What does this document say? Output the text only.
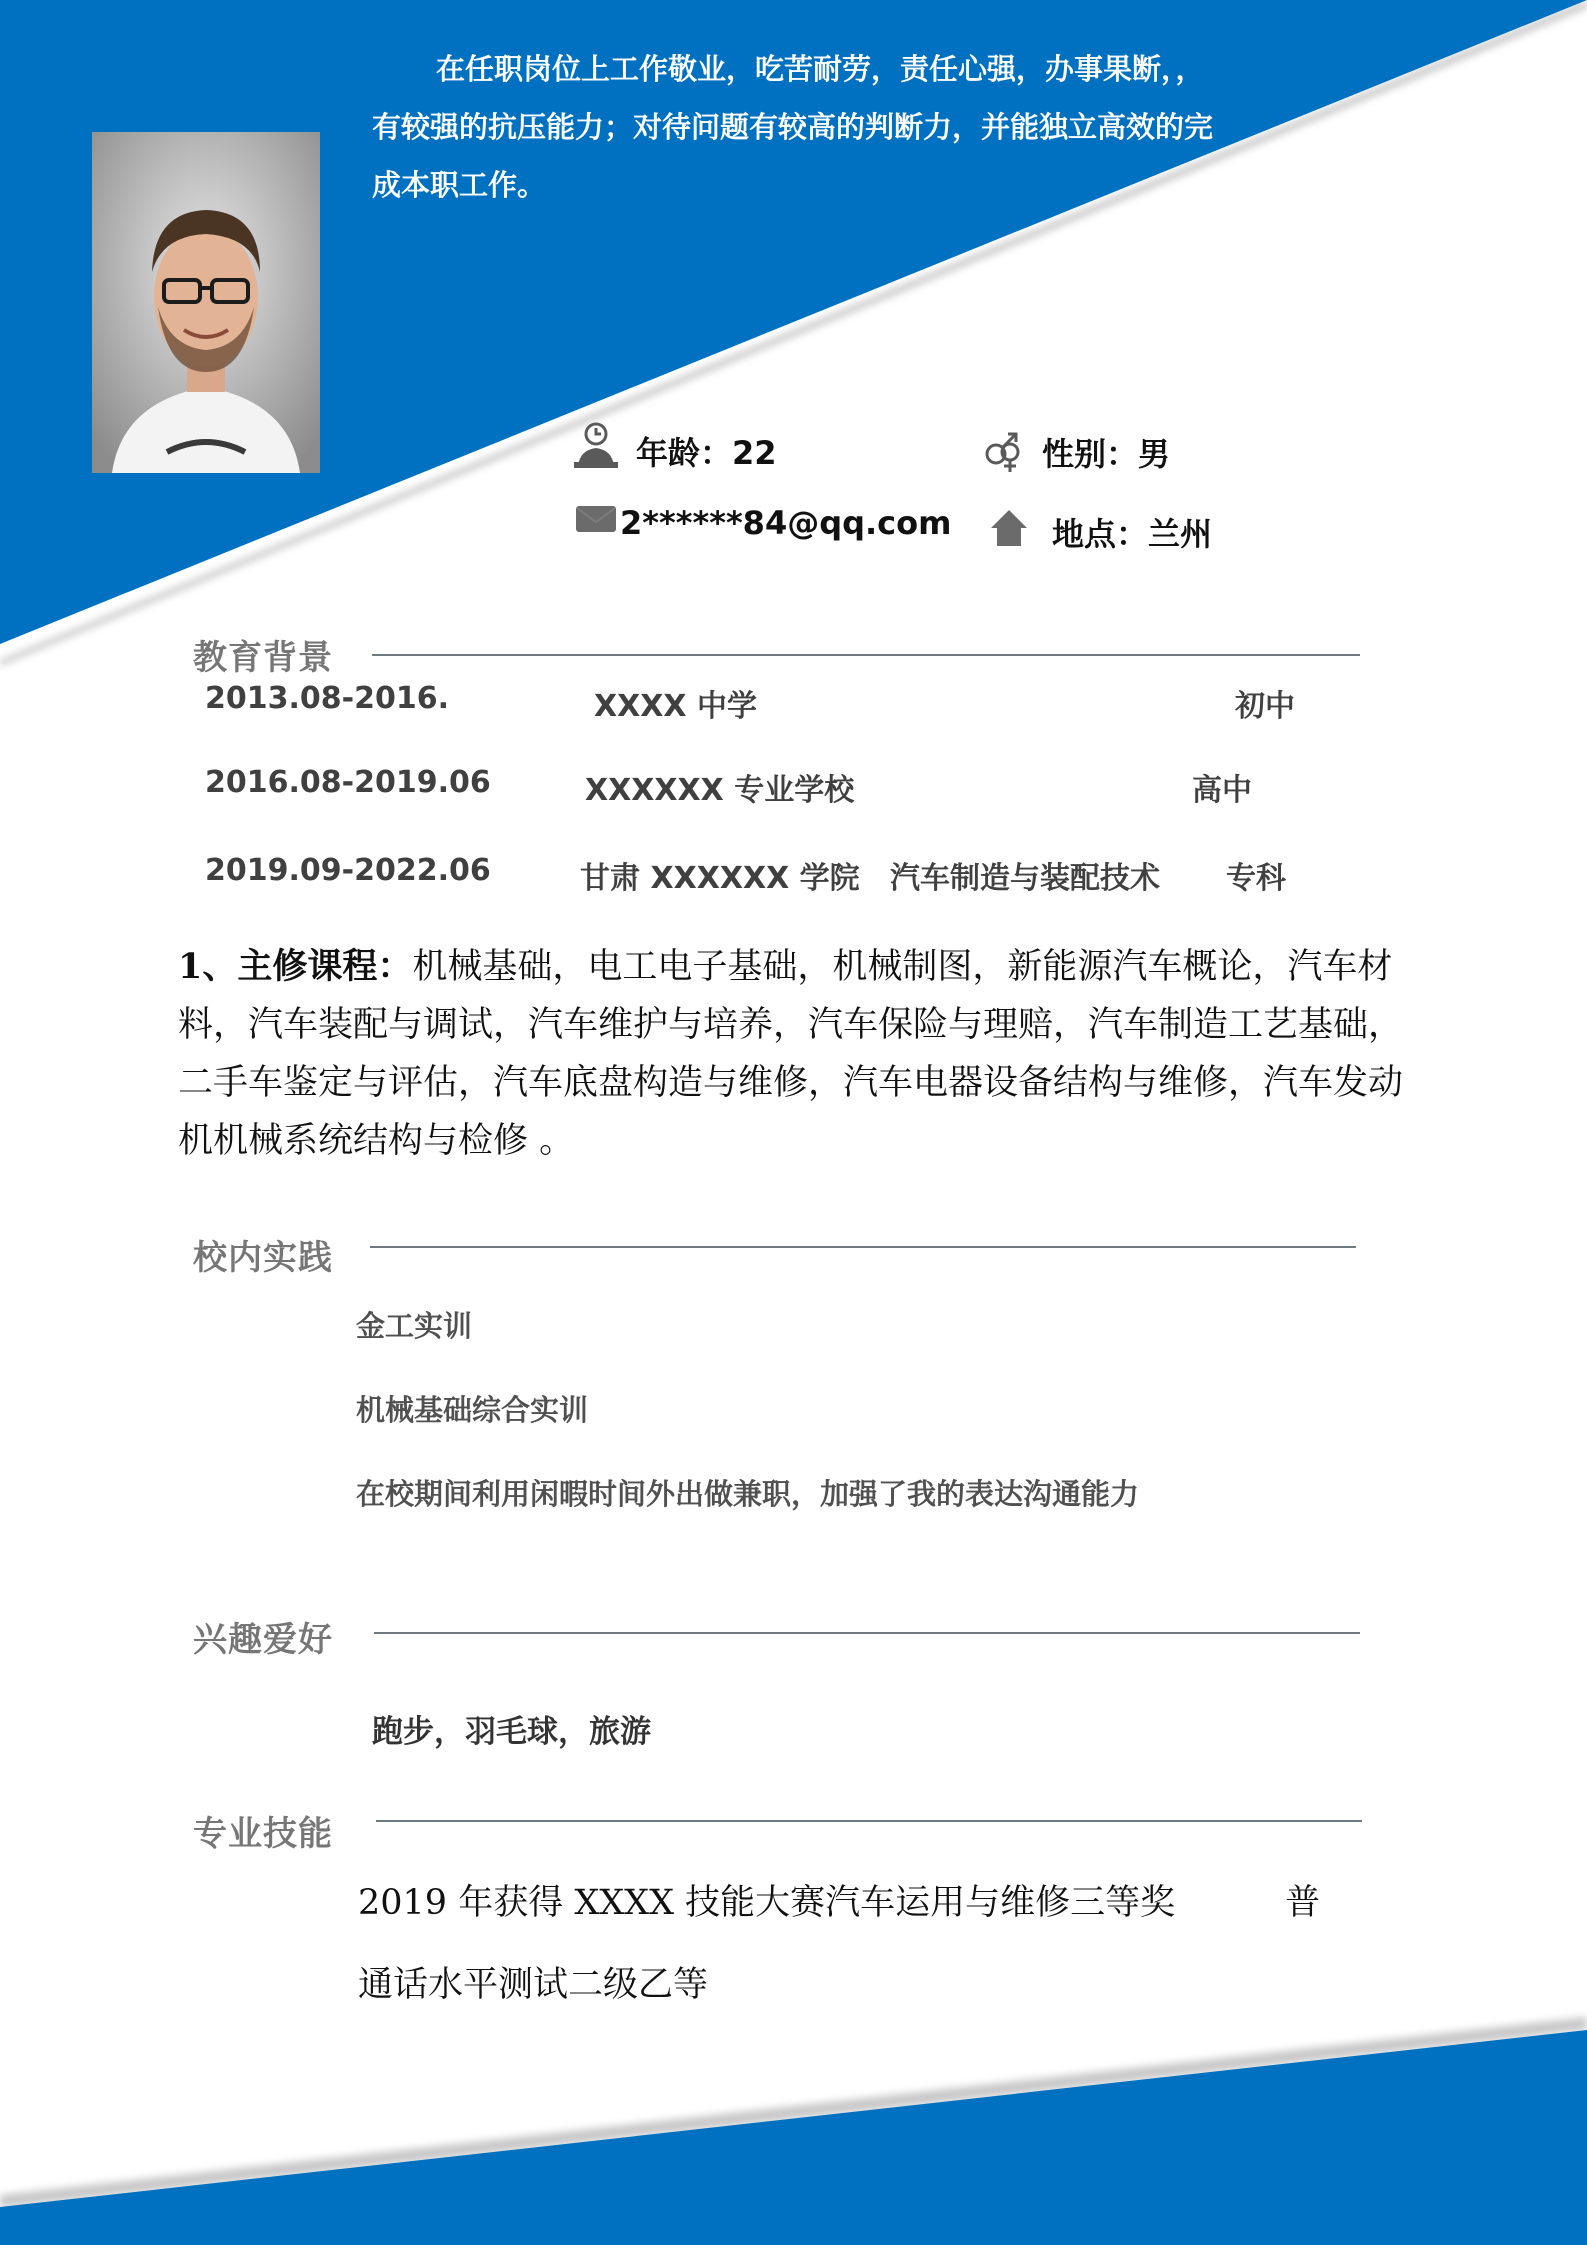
在任职岗位上工作敬业，吃苦耐劳，责任心强，办事果断，，有较强的抗压能力；对待问题有较高的判断力，并能独立高效的完成本职工作。

年龄：22	性别：男
2******84@qq.com	地点：兰州
教育背景
2013.08-2016.	XXXX 中学	初中
2016.08-2019.06	XXXXXX 专业学校	高中
2019.09-2022.06	甘肃 XXXXXX 学院 汽车制造与装配技术 专科

1、主修课程：机械基础，电工电子基础，机械制图，新能源汽车概论，汽车材料，汽车装配与调试，汽车维护与培养，汽车保险与理赔，汽车制造工艺基础，二手车鉴定与评估，汽车底盘构造与维修，汽车电器设备结构与维修，汽车发动机机械系统结构与检修 。

校内实践
金工实训
机械基础综合实训
在校期间利用闲暇时间外出做兼职，加强了我的表达沟通能力
兴趣爱好
跑步，羽毛球，旅游
专业技能

2019 年获得 XXXX 技能大赛汽车运用与维修三等奖	普
通话水平测试二级乙等
